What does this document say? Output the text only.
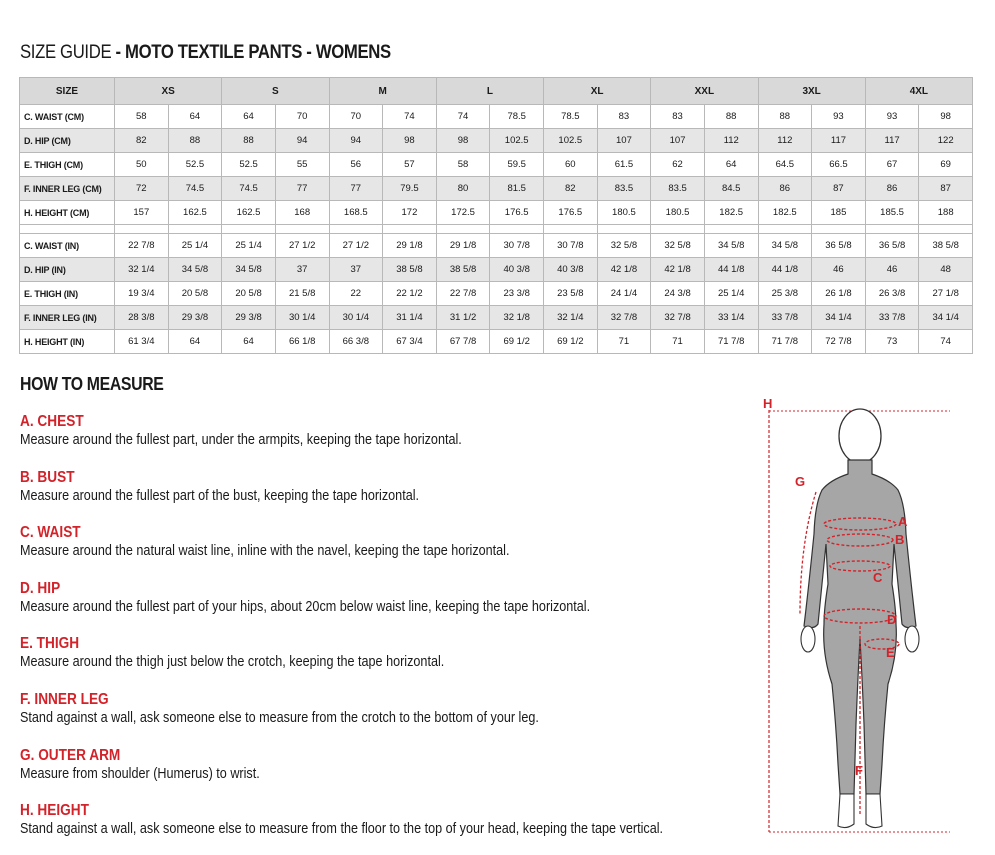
SIZE GUIDE - MOTO TEXTILE PANTS - WOMENS
SIZE	XS		S		M		L		XL		XXL		3XL		4XL	
C. WAIST (CM)	58	64	64	70	70	74	74	78.5	78.5	83	83	88	88	93	93	98
D. HIP (CM)	82	88	88	94	94	98	98	102.5	102.5	107	107	112	112	117	117	122
E. THIGH (CM)	50	52.5	52.5	55	56	57	58	59.5	60	61.5	62	64	64.5	66.5	67	69
F. INNER LEG (CM)	72	74.5	74.5	77	77	79.5	80	81.5	82	83.5	83.5	84.5	86	87	86	87
H. HEIGHT (CM)	157	162.5	162.5	168	168.5	172	172.5	176.5	176.5	180.5	180.5	182.5	182.5	185	185.5	188

C. WAIST (IN)	22 7/8	25 1/4	25 1/4	27 1/2	27 1/2	29 1/8	29 1/8	30 7/8	30 7/8	32 5/8	32 5/8	34 5/8	34 5/8	36 5/8	36 5/8	38 5/8
D. HIP (IN)	32 1/4	34 5/8	34 5/8	37	37	38 5/8	38 5/8	40 3/8	40 3/8	42 1/8	42 1/8	44 1/8	44 1/8	46	46	48
E. THIGH (IN)	19 3/4	20 5/8	20 5/8	21 5/8	22	22 1/2	22 7/8	23 3/8	23 5/8	24 1/4	24 3/8	25 1/4	25 3/8	26 1/8	26 3/8	27 1/8
F. INNER LEG (IN)	28 3/8	29 3/8	29 3/8	30 1/4	30 1/4	31 1/4	31 1/2	32 1/8	32 1/4	32 7/8	32 7/8	33 1/4	33 7/8	34 1/4	33 7/8	34 1/4
H. HEIGHT (IN)	61 3/4	64	64	66 1/8	66 3/8	67 3/4	67 7/8	69 1/2	69 1/2	71	71	71 7/8	71 7/8	72 7/8	73	74
HOW TO MEASURE
A. CHEST
Measure around the fullest part, under the armpits, keeping the tape horizontal.
B. BUST
Measure around the fullest part of the bust, keeping the tape horizontal.
C. WAIST
Measure around the natural waist line, inline with the navel, keeping the tape horizontal.
D. HIP
Measure around the fullest part of your hips, about 20cm below waist line, keeping the tape horizontal.
E. THIGH
Measure around the thigh just below the crotch, keeping the tape horizontal.
F. INNER LEG
Stand against a wall, ask someone else to measure from the crotch to the bottom of your leg.
G. OUTER ARM
Measure from shoulder (Humerus) to wrist.
H. HEIGHT
Stand against a wall, ask someone else to measure from the floor to the top of your head, keeping the tape vertical.
A
B
C
D
E
F
G
H
